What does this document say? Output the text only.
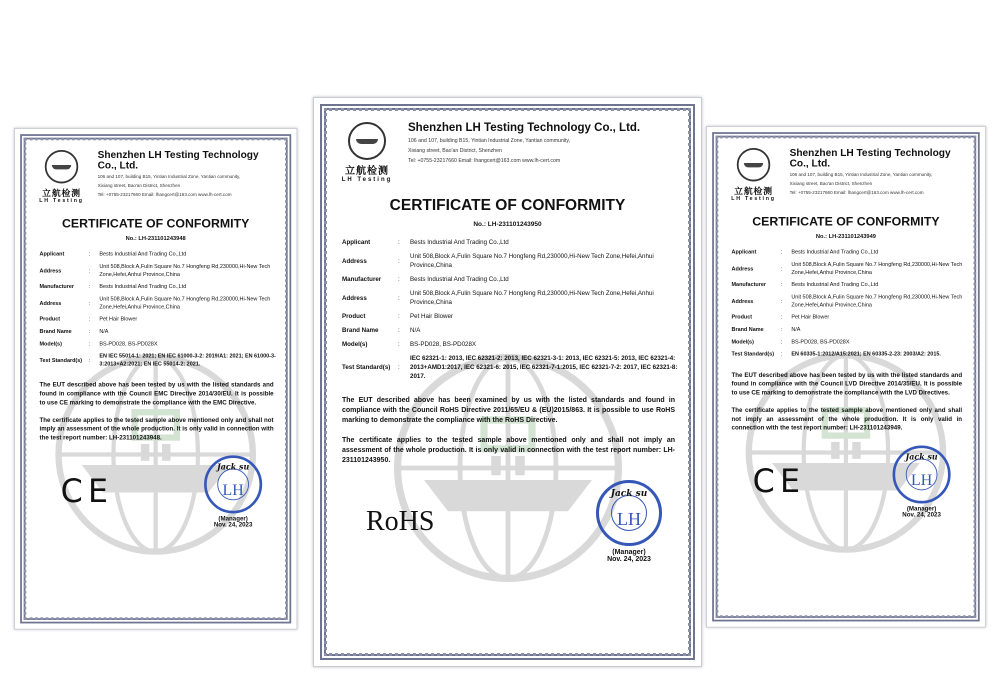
立航检测
LH Testing
Shenzhen LH Testing Technology Co., Ltd.
106 and 107, building B15, Yintian Industrial Zone, Yantian community,
Xixiang street, Bao'an District, Shenzhen
Tel: +0755-23217660 Email: lhangcert@163.com www.lh-cert.com
CERTIFICATE OF CONFORMITY
No.: LH-231101243948
Applicant	:	Bests Industrial And Trading Co.,Ltd
Address	:
Unit 508,Block A,Fulin Square No.7 Hongfeng Rd,230000,Hi-New Tech Zone,Hefei,Anhui Province,China
Manufacturer	:	Bests Industrial And Trading Co.,Ltd
Address	:
Unit 508,Block A,Fulin Square No.7 Hongfeng Rd,230000,Hi-New Tech Zone,Hefei,Anhui Province,China
Product	:	Pet Hair Blower
Brand Name	:	N/A
Model(s)	:	BS-PD028, BS-PD028X
Test Standard(s)	:
EN IEC 55014-1: 2021; EN IEC 61000-3-2: 2019/A1: 2021; EN 61000-3-3:2013+A2:2021; EN IEC 55014-2: 2021.
The EUT described above has been tested by us with the listed standards and found in compliance with the Council EMC Directive 2014/30/EU. It is possible to use CE marking to demonstrate the compliance with the EMC Directive.
The certificate applies to the tested sample above mentioned only and shall not imply an assessment of the whole production. It is only valid in connection with the test report number: LH-231101243948.
CE
Jack su
LH
(Manager)
Nov. 24, 2023
立航检测
LH Testing
Shenzhen LH Testing Technology Co., Ltd.
106 and 107, building B15, Yintian Industrial Zone, Yantian community,
Xixiang street, Bao'an District, Shenzhen
Tel: +0755-23217660 Email: lhangcert@163.com www.lh-cert.com
CERTIFICATE OF CONFORMITY
No.: LH-231101243949
Applicant	:	Bests Industrial And Trading Co.,Ltd
Address	:
Unit 508,Block A,Fulin Square No.7 Hongfeng Rd,230000,Hi-New Tech Zone,Hefei,Anhui Province,China
Manufacturer	:	Bests Industrial And Trading Co.,Ltd
Address	:
Unit 508,Block A,Fulin Square No.7 Hongfeng Rd,230000,Hi-New Tech Zone,Hefei,Anhui Province,China
Product	:	Pet Hair Blower
Brand Name	:	N/A
Model(s)	:	BS-PD028, BS-PD028X
Test Standard(s)	:	EN 60335-1:2012/A15:2021; EN 60335-2-23: 2003/A2: 2015.
The EUT described above has been tested by us with the listed standards and found in compliance with the Council LVD Directive 2014/35/EU. It is possible to use CE marking to demonstrate the compliance with the LVD Directives.
The certificate applies to the tested sample above mentioned only and shall not imply an assessment of the whole production. It is only valid in connection with the test report number: LH-231101243949.
CE
Jack su
LH
(Manager)
Nov. 24, 2023
立航检测
LH Testing
Shenzhen LH Testing Technology Co., Ltd.
106 and 107, building B15, Yintian Industrial Zone, Yantian community,
Xixiang street, Bao'an District, Shenzhen
Tel: +0755-23217660 Email: lhangcert@163.com www.lh-cert.com
CERTIFICATE OF CONFORMITY
No.: LH-231101243950
Applicant	:	Bests Industrial And Trading Co.,Ltd
Address	:
Unit 508,Block A,Fulin Square No.7 Hongfeng Rd,230000,Hi-New Tech Zone,Hefei,Anhui Province,China
Manufacturer	:	Bests Industrial And Trading Co.,Ltd
Address	:
Unit 508,Block A,Fulin Square No.7 Hongfeng Rd,230000,Hi-New Tech Zone,Hefei,Anhui Province,China
Product	:	Pet Hair Blower
Brand Name	:	N/A
Model(s)	:	BS-PD028, BS-PD028X
Test Standard(s)	:
IEC 62321-1: 2013, IEC 62321-2: 2013, IEC 62321-3-1: 2013, IEC 62321-5: 2013, IEC 62321-4: 2013+AMD1:2017, IEC 62321-6: 2015, IEC 62321-7-1:2015, IEC 62321-7-2: 2017, IEC 62321-8: 2017.
The EUT described above has been examined by us with the listed standards and found in compliance with the Council RoHS Directive 2011/65/EU & (EU)2015/863. It is possible to use RoHS marking to demonstrate the compliance with the RoHS Directive.
The certificate applies to the tested sample above mentioned only and shall not imply an assessment of the whole production. It is only valid in connection with the test report number: LH-231101243950.
RoHS
Jack su
LH
(Manager)
Nov. 24, 2023
